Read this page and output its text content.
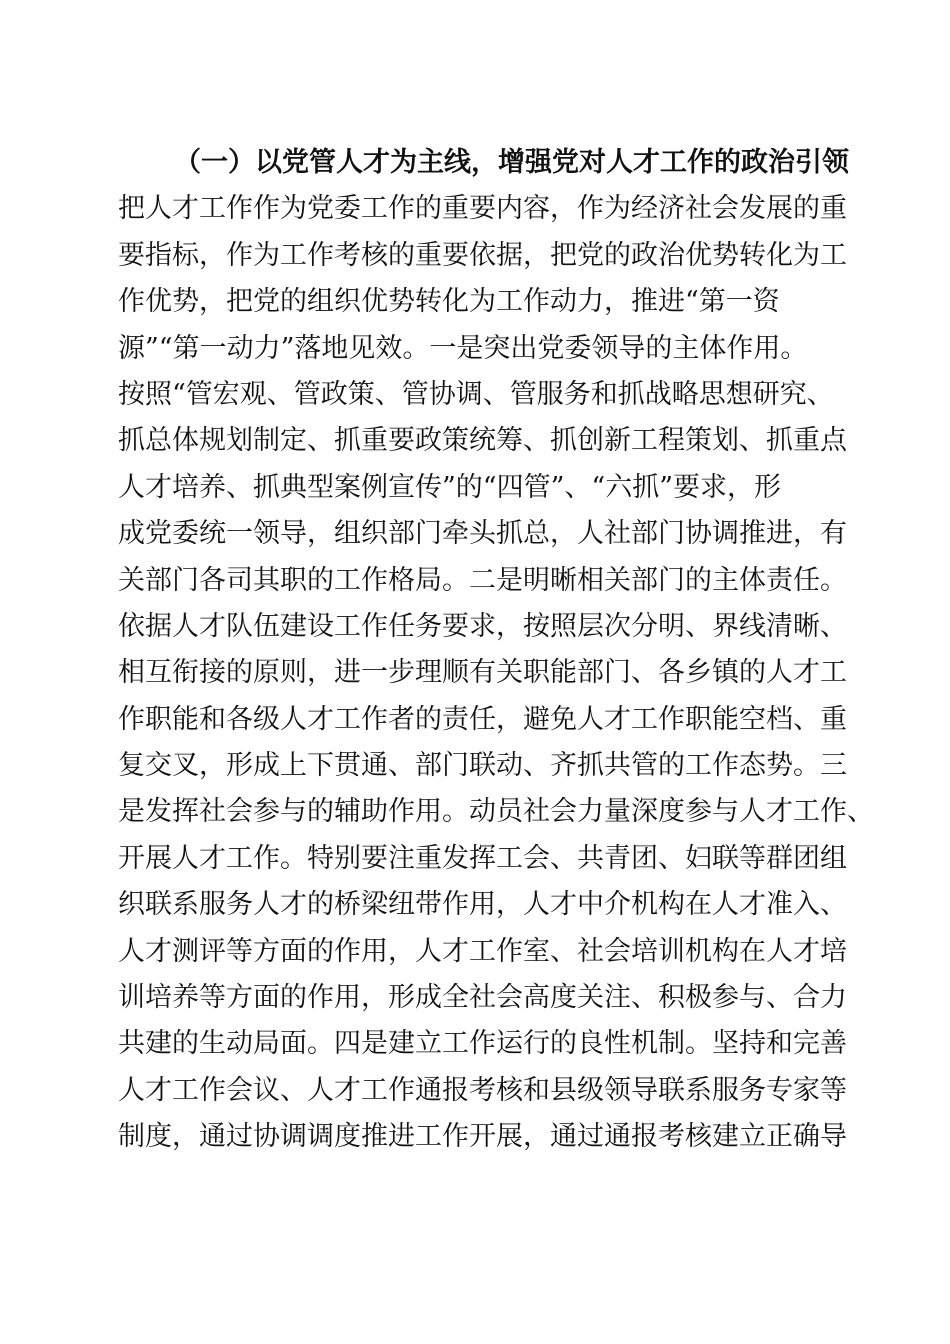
（一）以党管人才为主线，增强党对人才工作的政治引领
把人才工作作为党委工作的重要内容，作为经济社会发展的重
要指标，作为工作考核的重要依据，把党的政治优势转化为工
作优势，把党的组织优势转化为工作动力，推进“第一资
源”“第一动力”落地见效。一是突出党委领导的主体作用。
按照“管宏观、管政策、管协调、管服务和抓战略思想研究、
抓总体规划制定、抓重要政策统筹、抓创新工程策划、抓重点
人才培养、抓典型案例宣传”的“四管”、“六抓”要求，形
成党委统一领导，组织部门牵头抓总，人社部门协调推进，有
关部门各司其职的工作格局。二是明晰相关部门的主体责任。
依据人才队伍建设工作任务要求，按照层次分明、界线清晰、
相互衔接的原则，进一步理顺有关职能部门、各乡镇的人才工
作职能和各级人才工作者的责任，避免人才工作职能空档、重
复交叉，形成上下贯通、部门联动、齐抓共管的工作态势。三
是发挥社会参与的辅助作用。动员社会力量深度参与人才工作、
开展人才工作。特别要注重发挥工会、共青团、妇联等群团组
织联系服务人才的桥梁纽带作用，人才中介机构在人才准入、
人才测评等方面的作用，人才工作室、社会培训机构在人才培
训培养等方面的作用，形成全社会高度关注、积极参与、合力
共建的生动局面。四是建立工作运行的良性机制。坚持和完善
人才工作会议、人才工作通报考核和县级领导联系服务专家等
制度，通过协调调度推进工作开展，通过通报考核建立正确导
